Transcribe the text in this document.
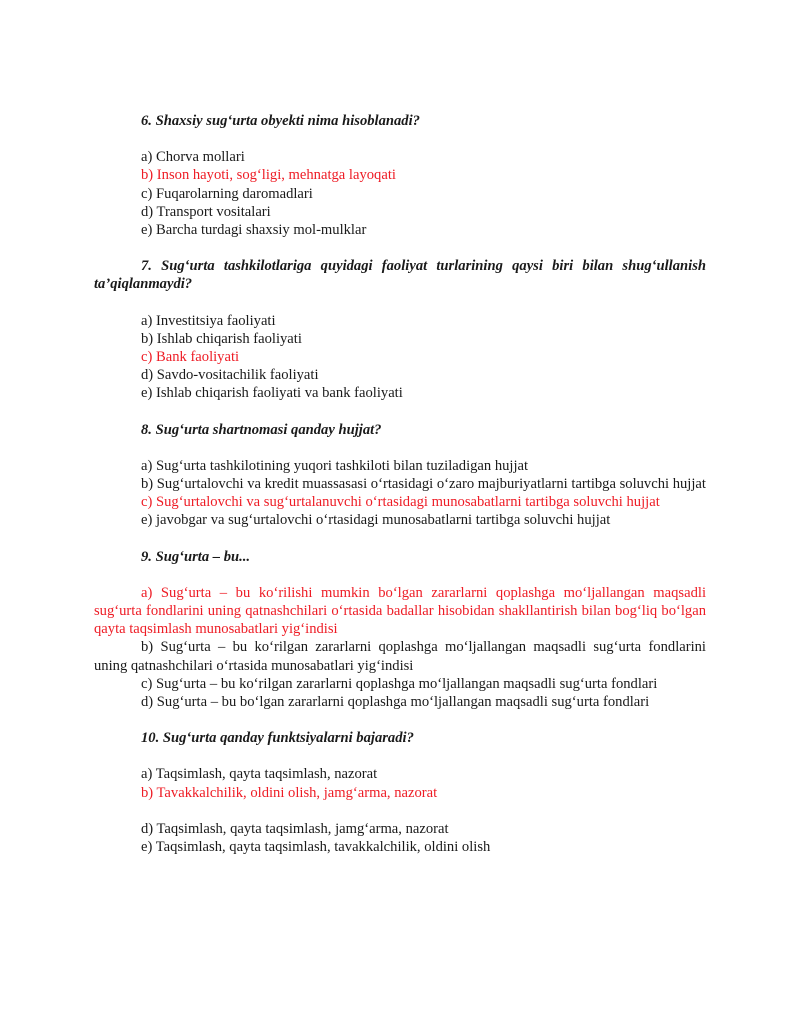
6. Shaxsiy sug‘urta obyekti nima hisoblanadi?
a) Chorva mollari
b) Inson hayoti, sog‘ligi, mehnatga layoqati
c) Fuqarolarning daromadlari
d) Transport vositalari
e) Barcha turdagi shaxsiy mol-mulklar
7. Sug‘urta tashkilotlariga quyidagi faoliyat turlarining qaysi biri bilan shug‘ullanish ta’qiqlanmaydi?
a) Investitsiya faoliyati
b) Ishlab chiqarish faoliyati
c) Bank faoliyati
d) Savdo-vositachilik faoliyati
e) Ishlab chiqarish faoliyati va bank faoliyati
8. Sug‘urta shartnomasi qanday hujjat?
a) Sug‘urta tashkilotining yuqori tashkiloti bilan tuziladigan hujjat
b) Sug‘urtalovchi va kredit muassasasi o‘rtasidagi o‘zaro majburiyatlarni tartibga soluvchi hujjat
c) Sug‘urtalovchi va sug‘urtalanuvchi o‘rtasidagi munosabatlarni tartibga soluvchi hujjat
e) javobgar va sug‘urtalovchi o‘rtasidagi munosabatlarni tartibga soluvchi hujjat
9. Sug‘urta – bu...
a) Sug‘urta – bu ko‘rilishi mumkin bo‘lgan zararlarni qoplashga mo‘ljallangan maqsadli sug‘urta fondlarini uning qatnashchilari o‘rtasida badallar hisobidan shakllantirish bilan bog‘liq bo‘lgan qayta taqsimlash munosabatlari yig‘indisi
b) Sug‘urta – bu ko‘rilgan zararlarni qoplashga mo‘ljallangan maqsadli sug‘urta fondlarini uning qatnashchilari o‘rtasida munosabatlari yig‘indisi
c) Sug‘urta – bu ko‘rilgan zararlarni qoplashga mo‘ljallangan maqsadli sug‘urta fondlari
d) Sug‘urta – bu bo‘lgan zararlarni qoplashga mo‘ljallangan maqsadli sug‘urta fondlari
10. Sug‘urta qanday funktsiyalarni bajaradi?
a) Taqsimlash, qayta taqsimlash, nazorat
b) Tavakkalchilik, oldini olish, jamg‘arma, nazorat
d) Taqsimlash, qayta taqsimlash, jamg‘arma, nazorat
e) Taqsimlash, qayta taqsimlash, tavakkalchilik, oldini olish
